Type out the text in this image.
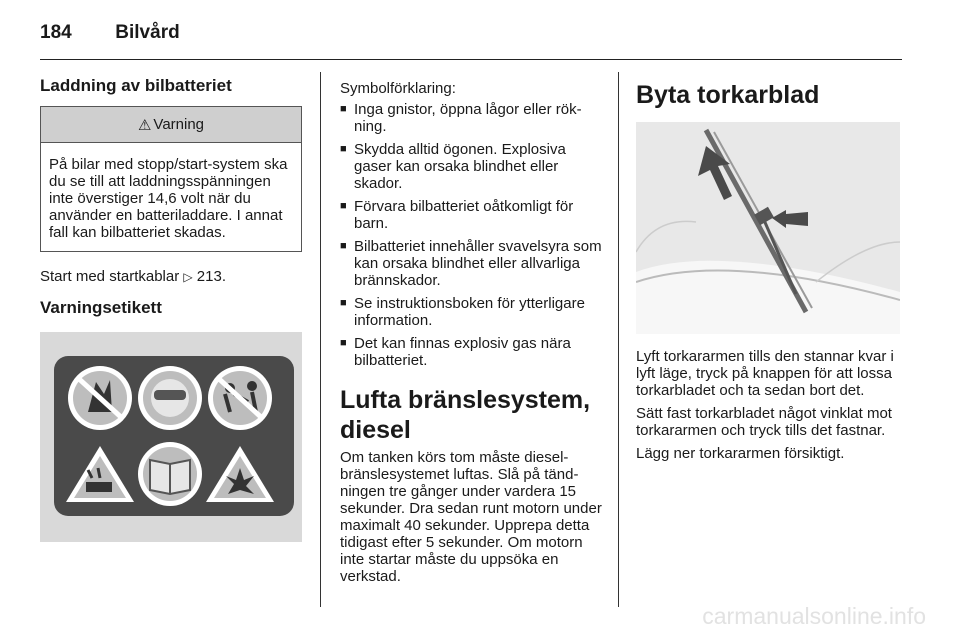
184 Bilvård
Laddning av bilbatteriet
⚠ Varning
På bilar med stopp/start-system ska du se till att laddningsspänningen inte överstiger 14,6 volt när du använder en batteriladdare. I annat fall kan bilbatteriet skadas.

Start med startkablar ▷ 213.

Varningsetikett

Symbolförklaring:

■ Inga gnistor, öppna lågor eller rökning.
■ Skydda alltid ögonen. Explosiva gaser kan orsaka blindhet eller skador.
■ Förvara bilbatteriet oåtkomligt för barn.
■ Bilbatteriet innehåller svavelsyra som kan orsaka blindhet eller allvarliga brännskador.
■ Se instruktionsboken för ytterligare information.
■ Det kan finnas explosiv gas nära bilbatteriet.
Lufta bränslesystem,
diesel

Om tanken körs tom måste dieselbränslesystemet luftas. Slå på tändningen tre gånger under vardera 15 sekunder. Dra sedan runt motorn under maximalt 40 sekunder. Upprepa detta tidigast efter 5 sekunder. Om motorn inte startar måste du uppsöka en verkstad.

Byta torkarblad

Lyft torkararmen tills den stannar kvar i lyft läge, tryck på knappen för att lossa torkarbladet och ta sedan bort det.

Sätt fast torkarbladet något vinklat mot torkararmen och tryck tills det fastnar.

Lägg ner torkararmen försiktigt.

carmanualsonline.info
